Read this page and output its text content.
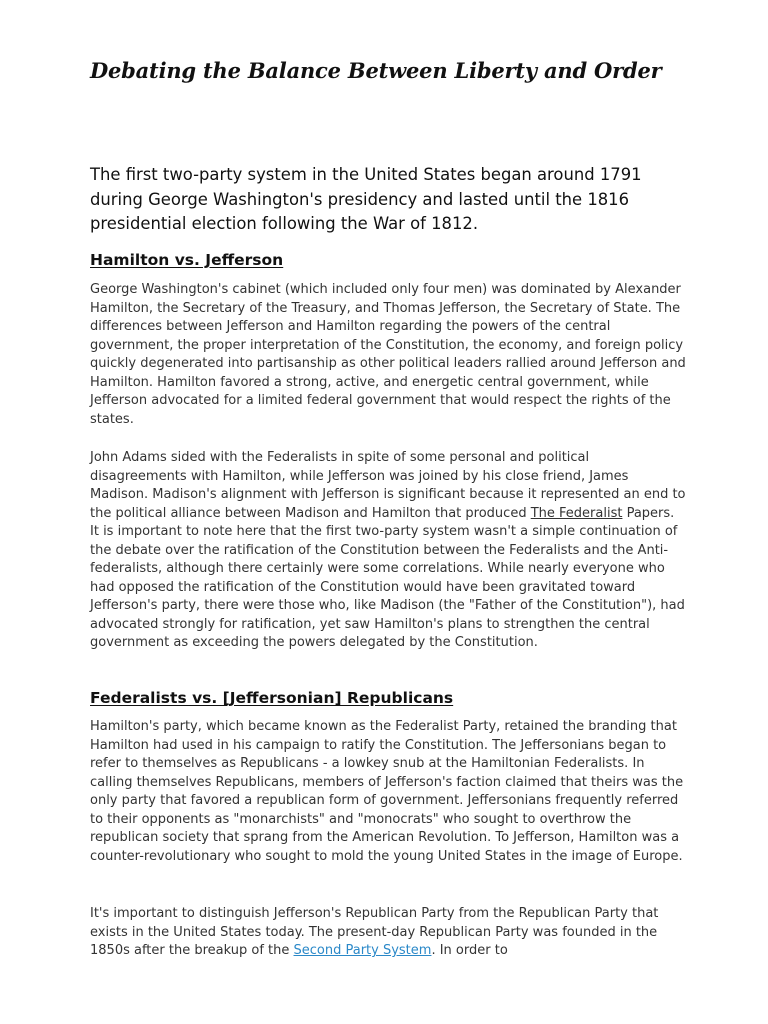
Debating the Balance Between Liberty and Order

The first two-party system in the United States began around 1791 during George Washington's presidency and lasted until the 1816 presidential election following the War of 1812.

Hamilton vs. Jefferson

George Washington's cabinet (which included only four men) was dominated by Alexander Hamilton, the Secretary of the Treasury, and Thomas Jefferson, the Secretary of State. The differences between Jefferson and Hamilton regarding the powers of the central government, the proper interpretation of the Constitution, the economy, and foreign policy quickly degenerated into partisanship as other political leaders rallied around Jefferson and Hamilton. Hamilton favored a strong, active, and energetic central government, while Jefferson advocated for a limited federal government that would respect the rights of the states.

John Adams sided with the Federalists in spite of some personal and political disagreements with Hamilton, while Jefferson was joined by his close friend, James Madison. Madison's alignment with Jefferson is significant because it represented an end to the political alliance between Madison and Hamilton that produced The Federalist Papers. It is important to note here that the first two-party system wasn't a simple continuation of the debate over the ratification of the Constitution between the Federalists and the Anti-federalists, although there certainly were some correlations. While nearly everyone who had opposed the ratification of the Constitution would have been gravitated toward Jefferson's party, there were those who, like Madison (the "Father of the Constitution"), had advocated strongly for ratification, yet saw Hamilton's plans to strengthen the central government as exceeding the powers delegated by the Constitution.

Federalists vs. [Jeffersonian] Republicans

Hamilton's party, which became known as the Federalist Party, retained the branding that Hamilton had used in his campaign to ratify the Constitution. The Jeffersonians began to refer to themselves as Republicans - a lowkey snub at the Hamiltonian Federalists. In calling themselves Republicans, members of Jefferson's faction claimed that theirs was the only party that favored a republican form of government. Jeffersonians frequently referred to their opponents as "monarchists" and "monocrats" who sought to overthrow the republican society that sprang from the American Revolution. To Jefferson, Hamilton was a counter-revolutionary who sought to mold the young United States in the image of Europe.

It's important to distinguish Jefferson's Republican Party from the Republican Party that exists in the United States today. The present-day Republican Party was founded in the 1850s after the breakup of the Second Party System. In order to
